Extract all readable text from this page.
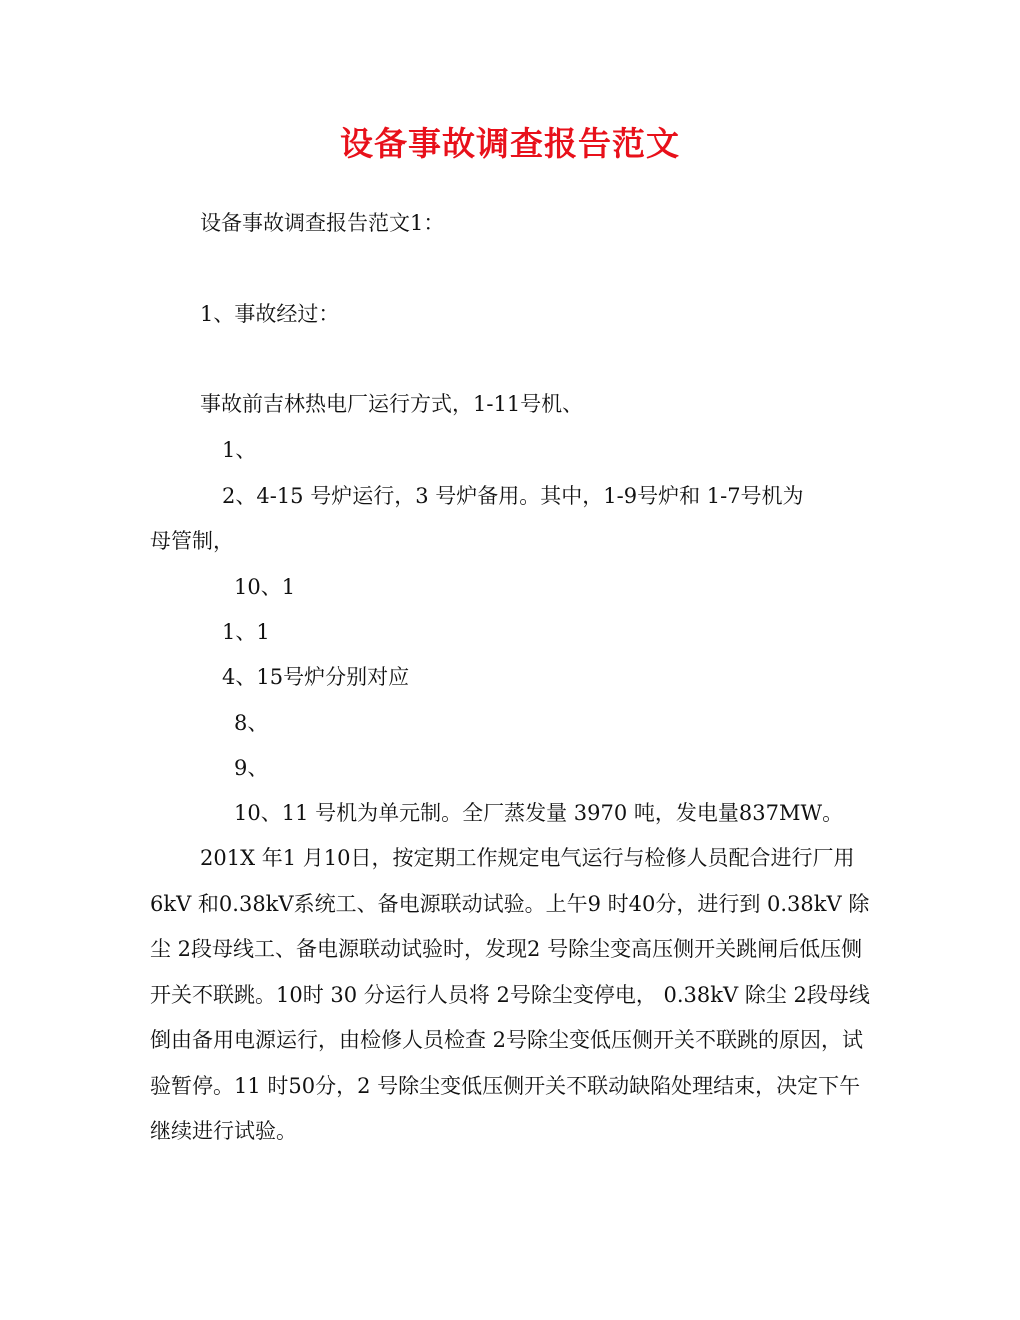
设备事故调查报告范文
设备事故调查报告范文1：
1、事故经过：
事故前吉林热电厂运行方式，1-11号机、
1、
2、4-15 号炉运行，3 号炉备用。其中，1-9号炉和 1-7号机为
母管制，
10、1
1、1
4、15号炉分别对应
8、
9、
10、11 号机为单元制。全厂蒸发量 3970 吨，发电量837MW。
201X 年1 月10日，按定期工作规定电气运行与检修人员配合进行厂用6kV 和0.38kV系统工、备电源联动试验。上午9 时40分，进行到 0.38kV 除尘 2段母线工、备电源联动试验时，发现2 号除尘变高压侧开关跳闸后低压侧开关不联跳。10时 30 分运行人员将 2号除尘变停电， 0.38kV 除尘 2段母线倒由备用电源运行，由检修人员检查 2号除尘变低压侧开关不联跳的原因，试验暂停。11 时50分，2 号除尘变低压侧开关不联动缺陷处理结束，决定下午继续进行试验。
